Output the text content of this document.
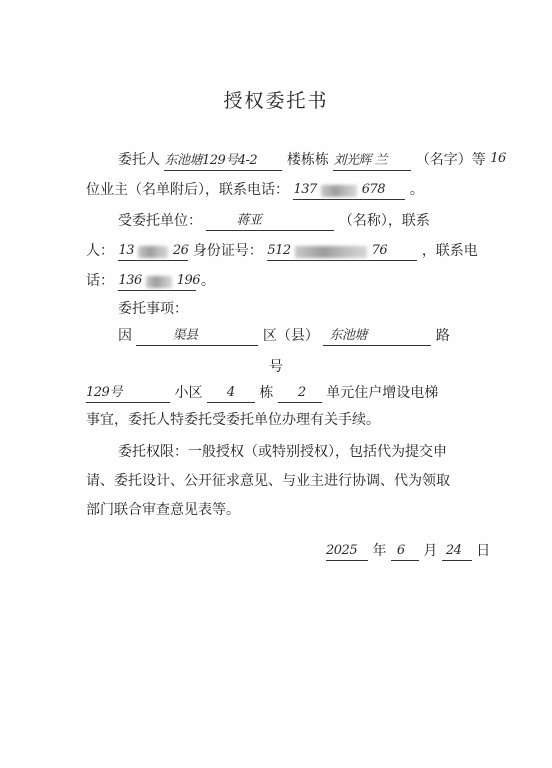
授权委托书
委托人 东池塘129号4-2 楼栋栋 刘光辉 兰 （名字）等 16
位业主（名单附后），联系电话： 137	678 。
受委托单位：	蒋亚	（名称），联系
人： 13	26 身份证号： 512	76 ，联系电
话： 136	196 。
委托事项：
因	渠县	区（县） 东池塘	路
号
129号	小区 4 栋 2 单元住户增设电梯
事宜，委托人特委托受委托单位办理有关手续。
委托权限：一般授权（或特别授权），包括代为提交申
请、委托设计、公开征求意见、与业主进行协调、代为领取
部门联合审查意见表等。
2025 年 6 月 24 日
